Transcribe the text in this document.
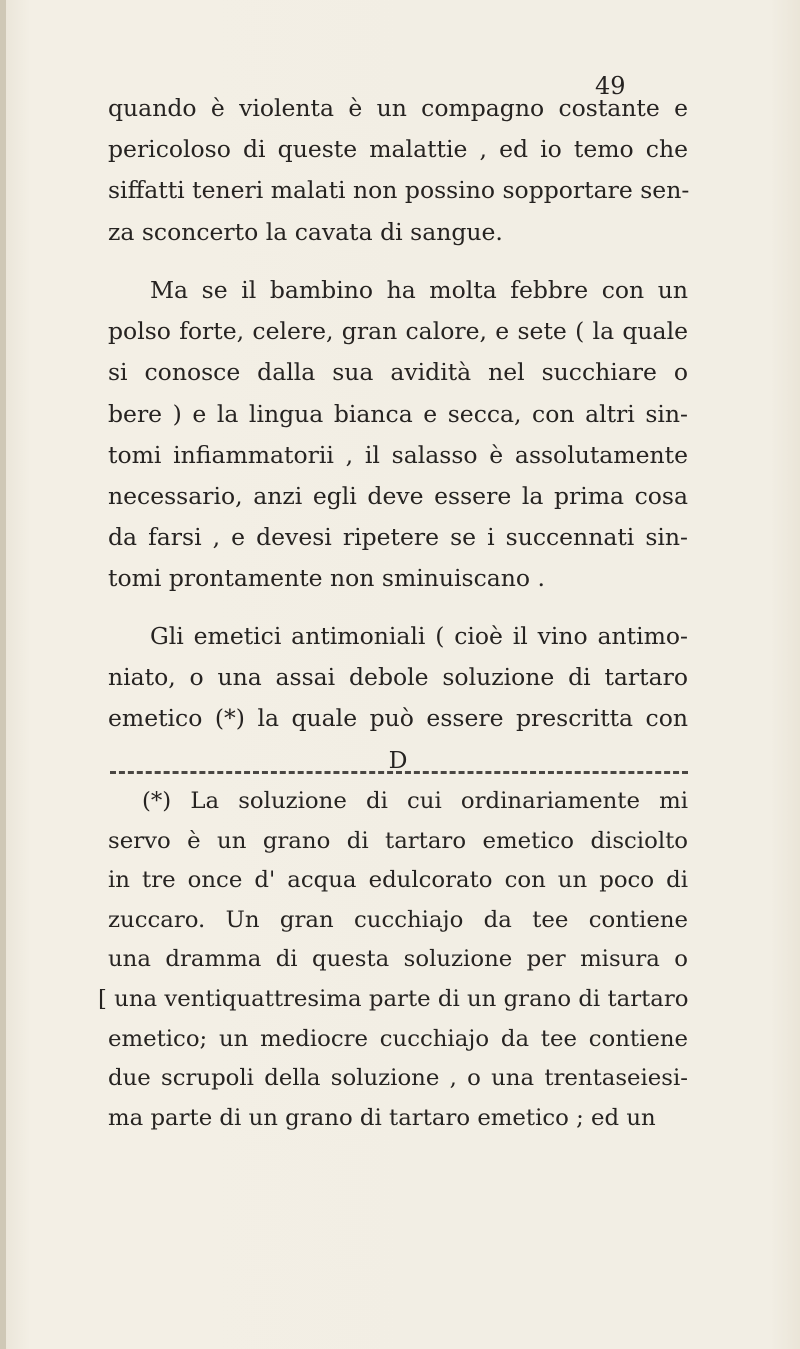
49
quando è violenta è un compagno costante e
pericoloso di queste malattie , ed io temo che
siffatti teneri malati non possino sopportare sen-
za sconcerto la cavata di sangue.
Ma se il bambino ha molta febbre con un
polso forte, celere, gran calore, e sete ( la quale
si conosce dalla sua avidità nel succhiare o
bere ) e la lingua bianca e secca, con altri sin-
tomi infiammatorii , il salasso è assolutamente
necessario, anzi egli deve essere la prima cosa
da farsi , e devesi ripetere se i succennati sin-
tomi prontamente non sminuiscano .
Gli emetici antimoniali ( cioè il vino antimo-
niato, o una assai debole soluzione di tartaro
emetico (*) la quale può essere prescritta con
D
(*) La soluzione di cui ordinariamente mi
servo è un grano di tartaro emetico disciolto
in tre once d' acqua edulcorato con un poco di
zuccaro. Un gran cucchiajo da tee contiene
una dramma di questa soluzione per misura o
[ una ventiquattresima parte di un grano di tartaro
emetico; un mediocre cucchiajo da tee contiene
due scrupoli della soluzione , o una trentaseiesi-
ma parte di un grano di tartaro emetico ; ed un
